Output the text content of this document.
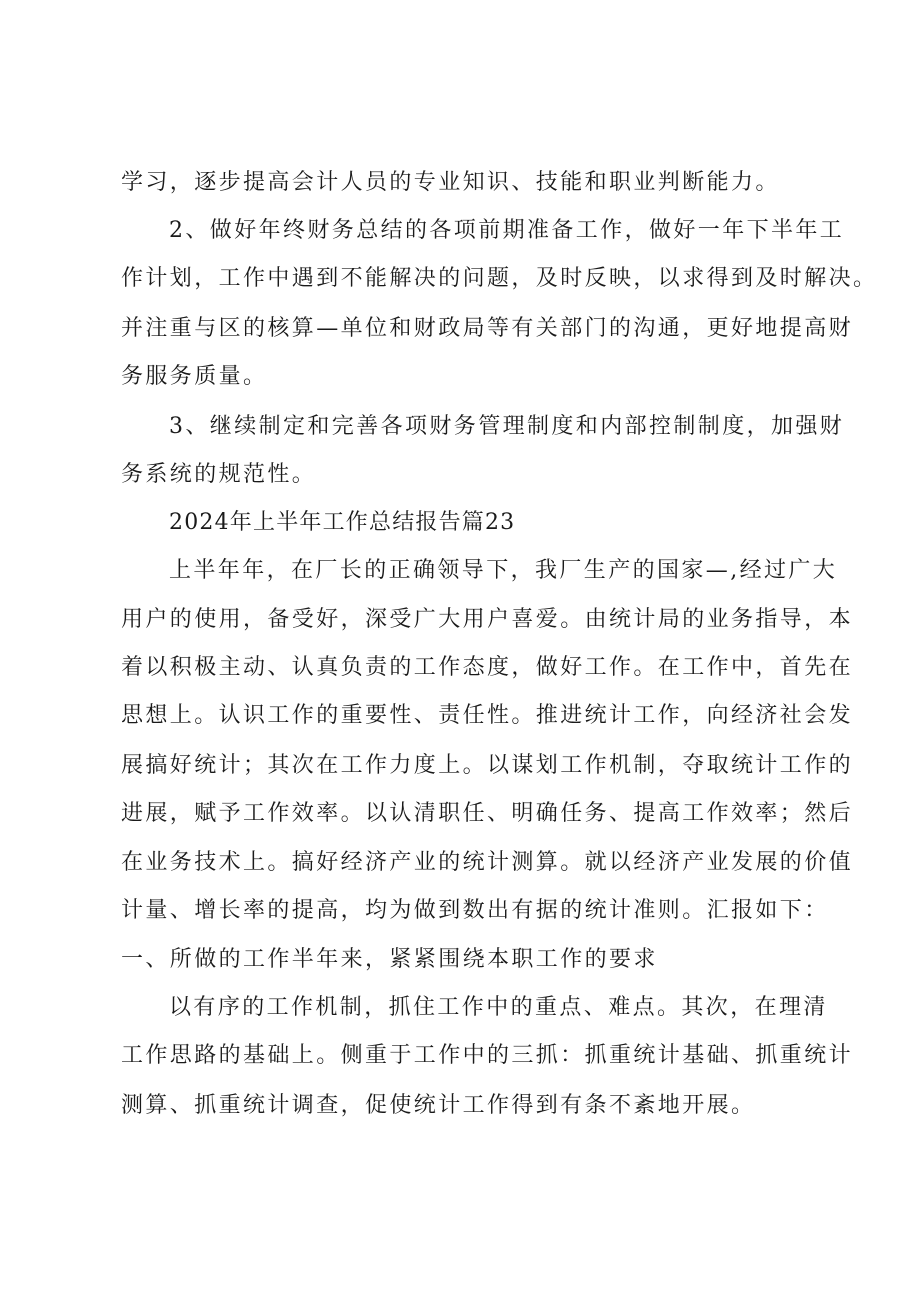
学习，逐步提高会计人员的专业知识、技能和职业判断能力。
2、做好年终财务总结的各项前期准备工作，做好一年下半年工
作计划，工作中遇到不能解决的问题，及时反映，以求得到及时解决。
并注重与区的核算—单位和财政局等有关部门的沟通，更好地提高财
务服务质量。
3、继续制定和完善各项财务管理制度和内部控制制度，加强财
务系统的规范性。
2024年上半年工作总结报告篇23
上半年年，在厂长的正确领导下，我厂生产的国家—,经过广大
用户的使用，备受好，深受广大用户喜爱。由统计局的业务指导，本
着以积极主动、认真负责的工作态度，做好工作。在工作中，首先在
思想上。认识工作的重要性、责任性。推进统计工作，向经济社会发
展搞好统计；其次在工作力度上。以谋划工作机制，夺取统计工作的
进展，赋予工作效率。以认清职任、明确任务、提高工作效率；然后
在业务技术上。搞好经济产业的统计测算。就以经济产业发展的价值
计量、增长率的提高，均为做到数出有据的统计准则。汇报如下：
一、所做的工作半年来，紧紧围绕本职工作的要求
以有序的工作机制，抓住工作中的重点、难点。其次，在理清
工作思路的基础上。侧重于工作中的三抓：抓重统计基础、抓重统计
测算、抓重统计调查，促使统计工作得到有条不紊地开展。
